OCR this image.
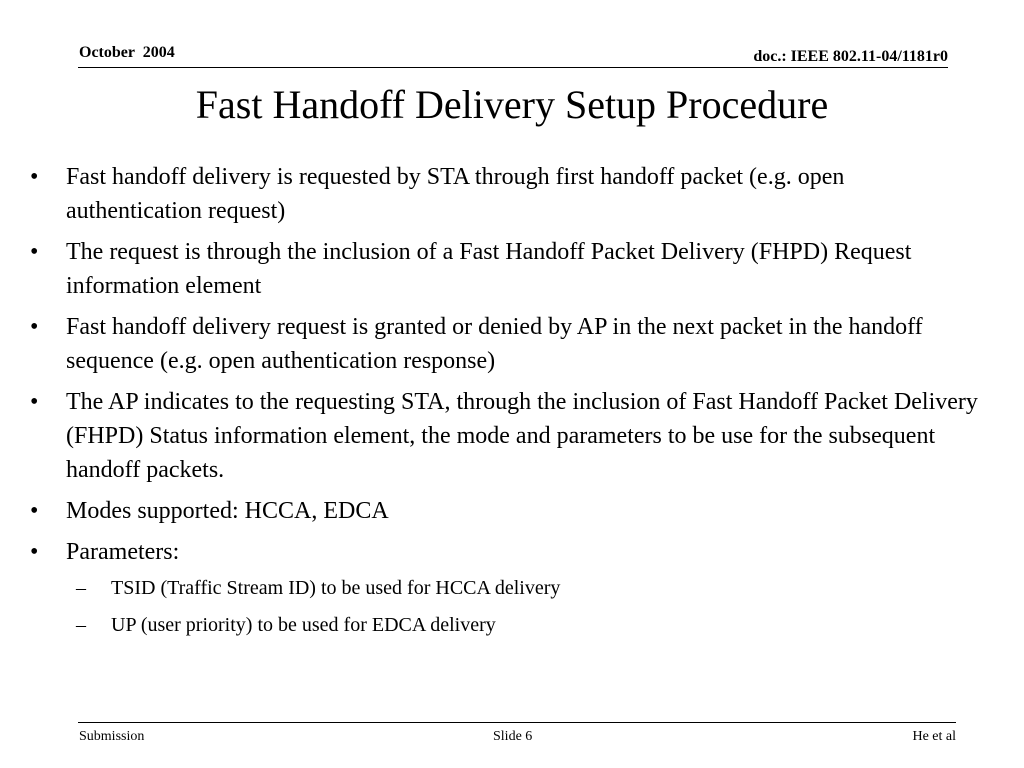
October  2004	doc.: IEEE 802.11-04/1181r0
Fast Handoff Delivery Setup Procedure
• Fast handoff delivery is requested by STA through first handoff packet (e.g. open authentication request)
• The request is through the inclusion of a Fast Handoff Packet Delivery (FHPD) Request information element
• Fast handoff delivery request is granted or denied by AP in the next packet in the handoff sequence (e.g. open authentication response)
• The AP indicates to the requesting STA, through the inclusion of Fast Handoff Packet Delivery (FHPD) Status information element, the mode and parameters to be use for the subsequent handoff packets.
• Modes supported: HCCA, EDCA
• Parameters:
– TSID (Traffic Stream ID) to be used for HCCA delivery
– UP (user priority) to be used for EDCA delivery
Submission	Slide 6	He et al
